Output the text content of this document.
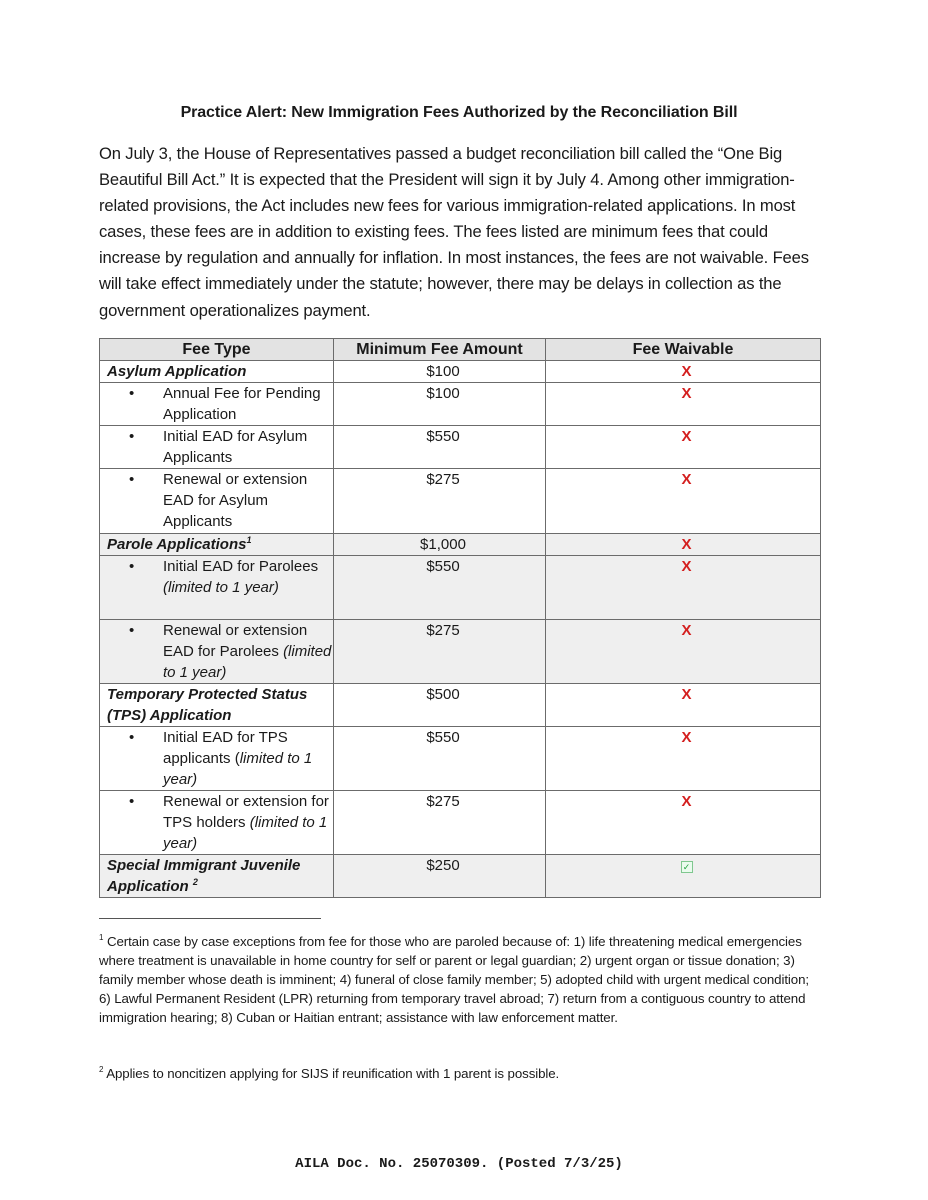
Practice Alert: New Immigration Fees Authorized by the Reconciliation Bill
On July 3, the House of Representatives passed a budget reconciliation bill called the “One Big Beautiful Bill Act.” It is expected that the President will sign it by July 4. Among other immigration-related provisions, the Act includes new fees for various immigration-related applications. In most cases, these fees are in addition to existing fees. The fees listed are minimum fees that could increase by regulation and annually for inflation. In most instances, the fees are not waivable. Fees will take effect immediately under the statute; however, there may be delays in collection as the government operationalizes payment.
Fee Type	Minimum Fee Amount	Fee Waivable
Asylum Application	$100	X

• Annual Fee for Pending Application	$100	X

• Initial EAD for Asylum Applicants	$550	X

• Renewal or extension EAD for Asylum Applicants	$275	X
Parole Applications$^1$	$1,000	X

• Initial EAD for Parolees (limited to 1 year)	$550	X

• Renewal or extension EAD for Parolees (limited to 1 year)	$275	X
Temporary Protected Status (TPS) Application	$500	X

• Initial EAD for TPS applicants (limited to 1 year)	$550	X

• Renewal or extension for TPS holders (limited to 1 year)	$275	X
Special Immigrant Juvenile Application $^2$	$250	✓
$^1$ Certain case by case exceptions from fee for those who are paroled because of: 1) life threatening medical emergencies where treatment is unavailable in home country for self or parent or legal guardian; 2) urgent organ or tissue donation; 3) family member whose death is imminent; 4) funeral of close family member; 5) adopted child with urgent medical condition; 6) Lawful Permanent Resident (LPR) returning from temporary travel abroad; 7) return from a contiguous country to attend immigration hearing; 8) Cuban or Haitian entrant; assistance with law enforcement matter.
$^2$ Applies to noncitizen applying for SIJS if reunification with 1 parent is possible.
AILA Doc. No. 25070309. (Posted 7/3/25)
